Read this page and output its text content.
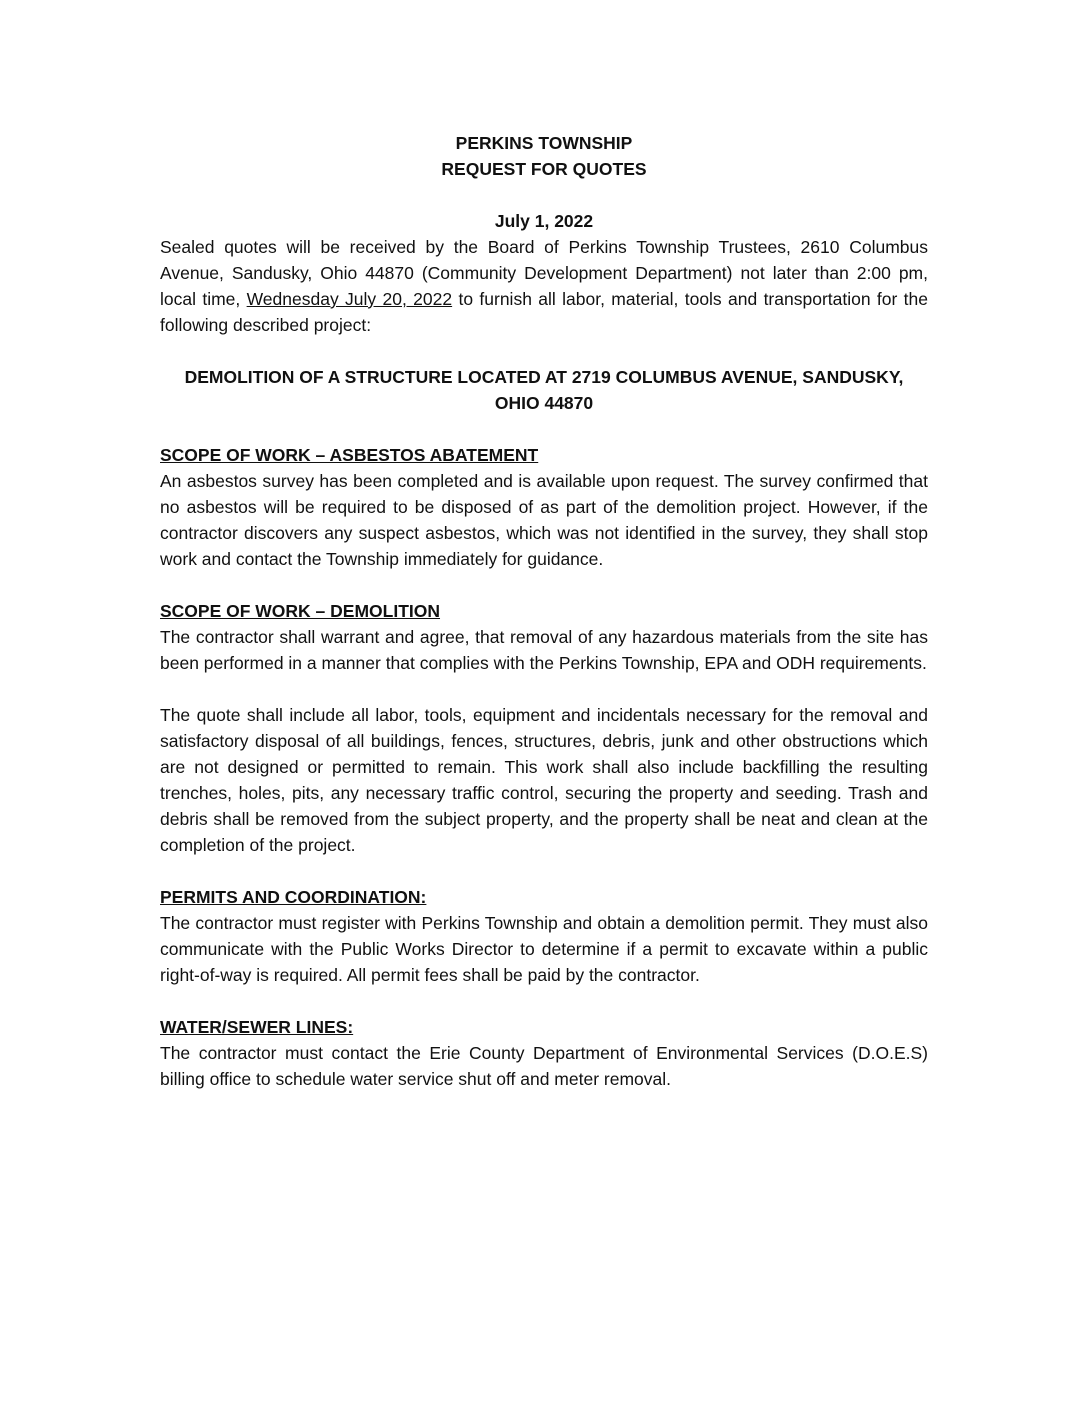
PERKINS TOWNSHIP
REQUEST FOR QUOTES
July 1, 2022

Sealed quotes will be received by the Board of Perkins Township Trustees, 2610 Columbus Avenue, Sandusky, Ohio 44870 (Community Development Department) not later than 2:00 pm, local time, Wednesday July 20, 2022 to furnish all labor, material, tools and transportation for the following described project:

DEMOLITION OF A STRUCTURE LOCATED AT 2719 COLUMBUS AVENUE, SANDUSKY, OHIO 44870
SCOPE OF WORK – ASBESTOS ABATEMENT

An asbestos survey has been completed and is available upon request. The survey confirmed that no asbestos will be required to be disposed of as part of the demolition project. However, if the contractor discovers any suspect asbestos, which was not identified in the survey, they shall stop work and contact the Township immediately for guidance.

SCOPE OF WORK – DEMOLITION

The contractor shall warrant and agree, that removal of any hazardous materials from the site has been performed in a manner that complies with the Perkins Township, EPA and ODH requirements.

The quote shall include all labor, tools, equipment and incidentals necessary for the removal and satisfactory disposal of all buildings, fences, structures, debris, junk and other obstructions which are not designed or permitted to remain. This work shall also include backfilling the resulting trenches, holes, pits, any necessary traffic control, securing the property and seeding. Trash and debris shall be removed from the subject property, and the property shall be neat and clean at the completion of the project.

PERMITS AND COORDINATION:

The contractor must register with Perkins Township and obtain a demolition permit. They must also communicate with the Public Works Director to determine if a permit to excavate within a public right-of-way is required. All permit fees shall be paid by the contractor.

WATER/SEWER LINES:

The contractor must contact the Erie County Department of Environmental Services (D.O.E.S) billing office to schedule water service shut off and meter removal.
